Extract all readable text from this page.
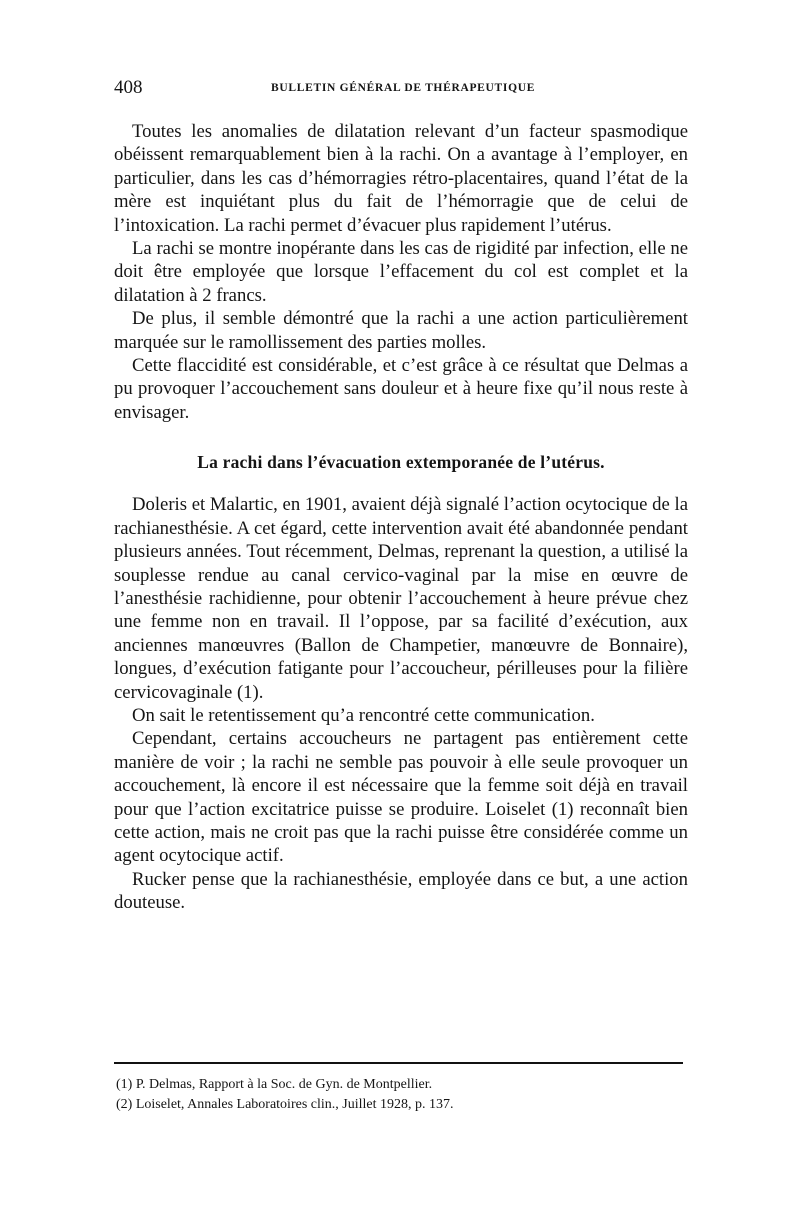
408	BULLETIN GÉNÉRAL DE THÉRAPEUTIQUE

Toutes les anomalies de dilatation relevant d’un facteur spasmodique obéissent remarquablement bien à la rachi. On a avantage à l’employer, en particulier, dans les cas d’hémorragies rétro-placentaires, quand l’état de la mère est inquiétant plus du fait de l’hémorragie que de celui de l’intoxication. La rachi permet d’évacuer plus rapidement l’utérus.

La rachi se montre inopérante dans les cas de rigidité par infection, elle ne doit être employée que lorsque l’effacement du col est complet et la dilatation à 2 francs.

De plus, il semble démontré que la rachi a une action particulièrement marquée sur le ramollissement des parties molles.

Cette flaccidité est considérable, et c’est grâce à ce résultat que Delmas a pu provoquer l’accouchement sans douleur et à heure fixe qu’il nous reste à envisager.

La rachi dans l’évacuation extemporanée de l’utérus.

Doleris et Malartic, en 1901, avaient déjà signalé l’action ocytocique de la rachianesthésie. A cet égard, cette intervention avait été abandonnée pendant plusieurs années. Tout récemment, Delmas, reprenant la question, a utilisé la souplesse rendue au canal cervico-vaginal par la mise en œuvre de l’anesthésie rachidienne, pour obtenir l’accouchement à heure prévue chez une femme non en travail. Il l’oppose, par sa facilité d’exécution, aux anciennes manœuvres (Ballon de Champetier, manœuvre de Bonnaire), longues, d’exécution fatigante pour l’accoucheur, périlleuses pour la filière cervicovaginale (1).

On sait le retentissement qu’a rencontré cette communication.

Cependant, certains accoucheurs ne partagent pas entièrement cette manière de voir ; la rachi ne semble pas pouvoir à elle seule provoquer un accouchement, là encore il est nécessaire que la femme soit déjà en travail pour que l’action excitatrice puisse se produire. Loiselet (1) reconnaît bien cette action, mais ne croit pas que la rachi puisse être considérée comme un agent ocytocique actif.

Rucker pense que la rachianesthésie, employée dans ce but, a une action douteuse.

(1) P. Delmas, Rapport à la Soc. de Gyn. de Montpellier.

(2) Loiselet, Annales Laboratoires clin., Juillet 1928, p. 137.
